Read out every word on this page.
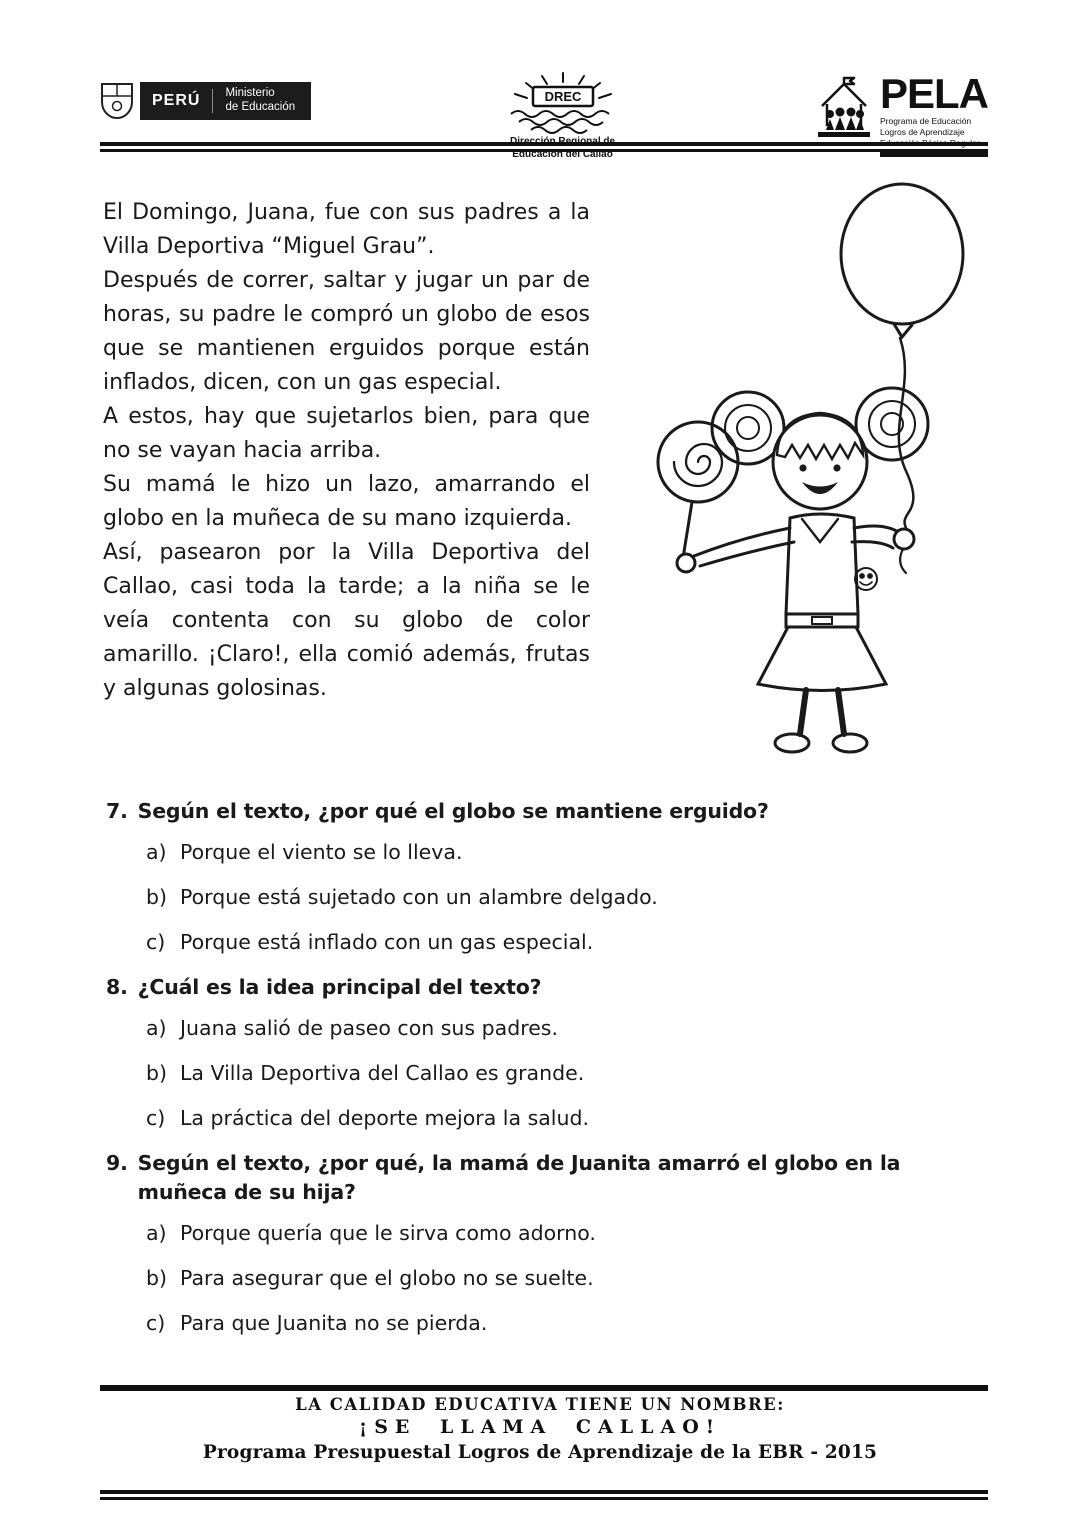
PERÚ Ministerio
de Educación
DREC
Dirección Regional de
Educación del Callao
PELA
Programa de Educación
Logros de Aprendizaje
Educación Básica Regular
El Domingo, Juana, fue con sus padres a la Villa Deportiva “Miguel Grau”.
Después de correr, saltar y jugar un par de horas, su padre le compró un globo de esos que se mantienen erguidos porque están inflados, dicen, con un gas especial.
A estos, hay que sujetarlos bien, para que no se vayan hacia arriba.
Su mamá le hizo un lazo, amarrando el globo en la muñeca de su mano izquierda.
Así, pasearon por la Villa Deportiva del Callao, casi toda la tarde; a la niña se le veía contenta con su globo de color amarillo. ¡Claro!, ella comió además, frutas y algunas golosinas.
7. Según el texto, ¿por qué el globo se mantiene erguido?
a) Porque el viento se lo lleva.
b) Porque está sujetado con un alambre delgado.
c) Porque está inflado con un gas especial.
8. ¿Cuál es la idea principal del texto?
a) Juana salió de paseo con sus padres.
b) La Villa Deportiva del Callao es grande.
c) La práctica del deporte mejora la salud.
9. Según el texto, ¿por qué, la mamá de Juanita amarró el globo en la muñeca de su hija?
a) Porque quería que le sirva como adorno.
b) Para asegurar que el globo no se suelte.
c) Para que Juanita no se pierda.
LA CALIDAD EDUCATIVA TIENE UN NOMBRE:
¡SE LLAMA CALLAO!
Programa Presupuestal Logros de Aprendizaje de la EBR - 2015
